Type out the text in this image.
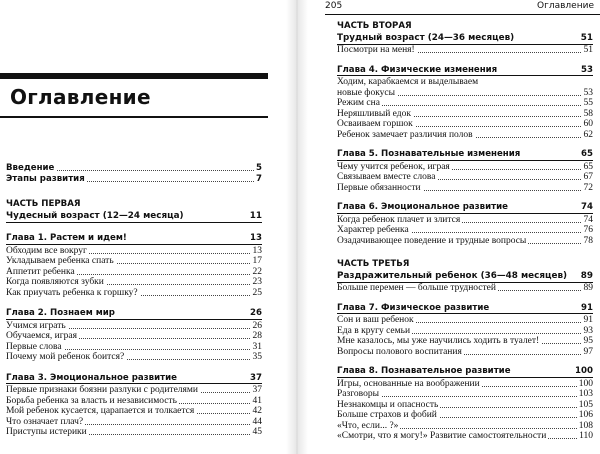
Оглавление
Введение	5
Этапы развития	7
ЧАСТЬ ПЕРВАЯ
Чудесный возраст (12—24 месяца)	11
Глава 1. Растем и идем!	13
Обходим все вокруг	13
Укладываем ребенка спать	17
Аппетит ребенка	22
Когда появляются зубки	23
Как приучать ребенка к горшку?	25
Глава 2. Познаем мир	26
Учимся играть	26
Обучаемся, играя	28
Первые слова	31
Почему мой ребенок боится?	35
Глава 3. Эмоциональное развитие	37
Первые признаки боязни разлуки с родителями	37
Борьба ребенка за власть и независимость	41
Мой ребенок кусается, царапается и толкается	42
Что означает плач?	44
Приступы истерики	45
205	Оглавление
ЧАСТЬ ВТОРАЯ
Трудный возраст (24—36 месяцев)	51
Посмотри на меня!	51
Глава 4. Физические изменения	53
Ходим, карабкаемся и выделываем
новые фокусы	53
Режим сна	55
Неряшливый едок	58
Осваиваем горшок	60
Ребенок замечает различия полов	62
Глава 5. Познавательные изменения	65
Чему учится ребенок, играя	65
Связываем вместе слова	67
Первые обязанности	72
Глава 6. Эмоциональное развитие	74
Когда ребенок плачет и злится	74
Характер ребенка	76
Озадачивающее поведение и трудные вопросы	78
ЧАСТЬ ТРЕТЬЯ
Раздражительный ребенок (36—48 месяцев) 89
Больше перемен — больше трудностей	89
Глава 7. Физическое развитие	91
Сон и ваш ребенок	91
Еда в кругу семьи	93
Мне казалось, мы уже научились ходить в туалет!	95
Вопросы полового воспитания	97
Глава 8. Познавательное развитие	100
Игры, основанные на воображении	100
Разговоры	103
Незнакомцы и опасность	105
Больше страхов и фобий	106
«Что, если... ?»	108
«Смотри, что я могу!» Развитие самостоятельности	110
